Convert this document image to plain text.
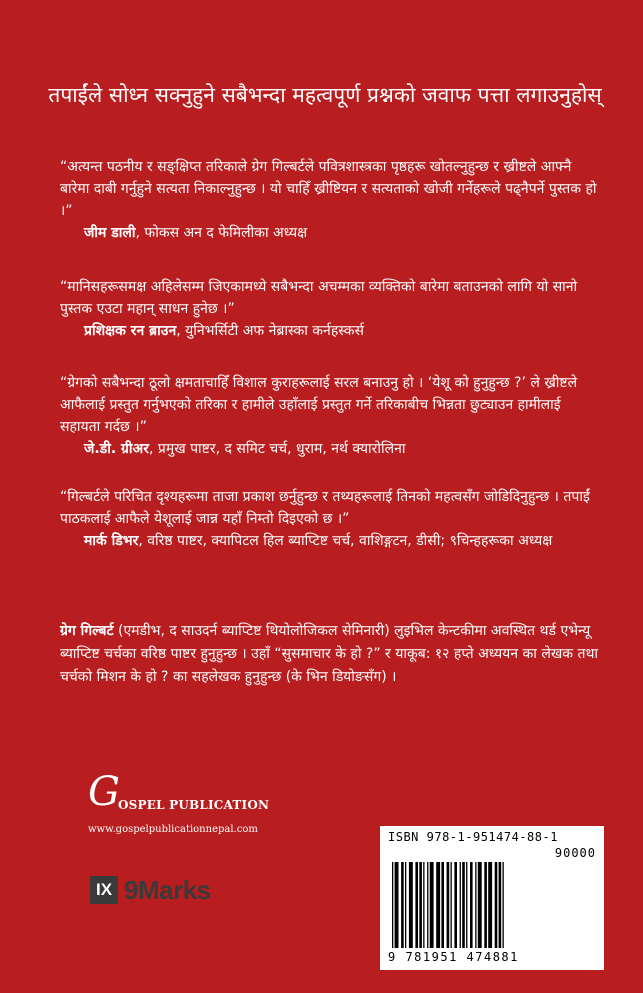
तपाईंले सोध्न सक्नुहुने सबैभन्दा महत्वपूर्ण प्रश्नको जवाफ पत्ता लगाउनुहोस्

“अत्यन्त पठनीय र सङ्क्षिप्त तरिकाले ग्रेग गिल्बर्टले पवित्रशास्त्रका पृष्ठहरू खोतल्नुहुन्छ र ख्रीष्टले आफ्नै बारेमा दाबी गर्नुहुने सत्यता निकाल्नुहुन्छ । यो चाहिँ ख्रीष्टियन र सत्यताको खोजी गर्नेहरूले पढ्नैपर्ने पुस्तक हो ।”

जीम डाली, फोकस अन द फेमिलीका अध्यक्ष

“मानिसहरूसमक्ष अहिलेसम्म जिएकामध्ये सबैभन्दा अचम्मका व्यक्तिको बारेमा बताउनको लागि यो सानो पुस्तक एउटा महान् साधन हुनेछ ।”

प्रशिक्षक रन ब्राउन, युनिभर्सिटी अफ नेब्रास्का कर्नहस्कर्स

“ग्रेगको सबैभन्दा ठूलो क्षमताचाहिँ विशाल कुराहरूलाई सरल बनाउनु हो । ‘येशू को हुनुहुन्छ ?’ ले ख्रीष्टले आफैलाई प्रस्तुत गर्नुभएको तरिका र हामीले उहाँलाई प्रस्तुत गर्ने तरिकाबीच भिन्नता छुट्याउन हामीलाई सहायता गर्दछ ।”

जे.डी. ग्रीअर, प्रमुख पाष्टर, द समिट चर्च, धुराम, नर्थ क्यारोलिना

“गिल्बर्टले परिचित दृश्यहरूमा ताजा प्रकाश छर्नुहुन्छ र तथ्यहरूलाई तिनको महत्वसँग जोडिदिनुहुन्छ । तपाईं पाठकलाई आफैले येशूलाई जान्न यहाँ निम्तो दिइएको छ ।”

मार्क डिभर, वरिष्ठ पाष्टर, क्यापिटल हिल ब्याप्टिष्ट चर्च, वाशिङ्गटन, डीसी; ९चिन्हहरूका अध्यक्ष

ग्रेग गिल्बर्ट (एमडीभ, द साउदर्न ब्याप्टिष्ट थियोलोजिकल सेमिनारी) लुइभिल केन्टकीमा अवस्थित थर्ड एभेन्यू ब्याप्टिष्ट चर्चका वरिष्ठ पाष्टर हुनुहुन्छ । उहाँ “सुसमाचार के हो ?” र याकूब: १२ हप्ते अध्ययन का लेखक तथा चर्चको मिशन के हो ? का सहलेखक हुनुहुन्छ (के भिन डियोङसँग) ।
G
OSPEL PUBLICATION
www.gospelpublicationnepal.com
IX 9Marks
ISBN 978-1-951474-88-1
90000
9 781951 474881
